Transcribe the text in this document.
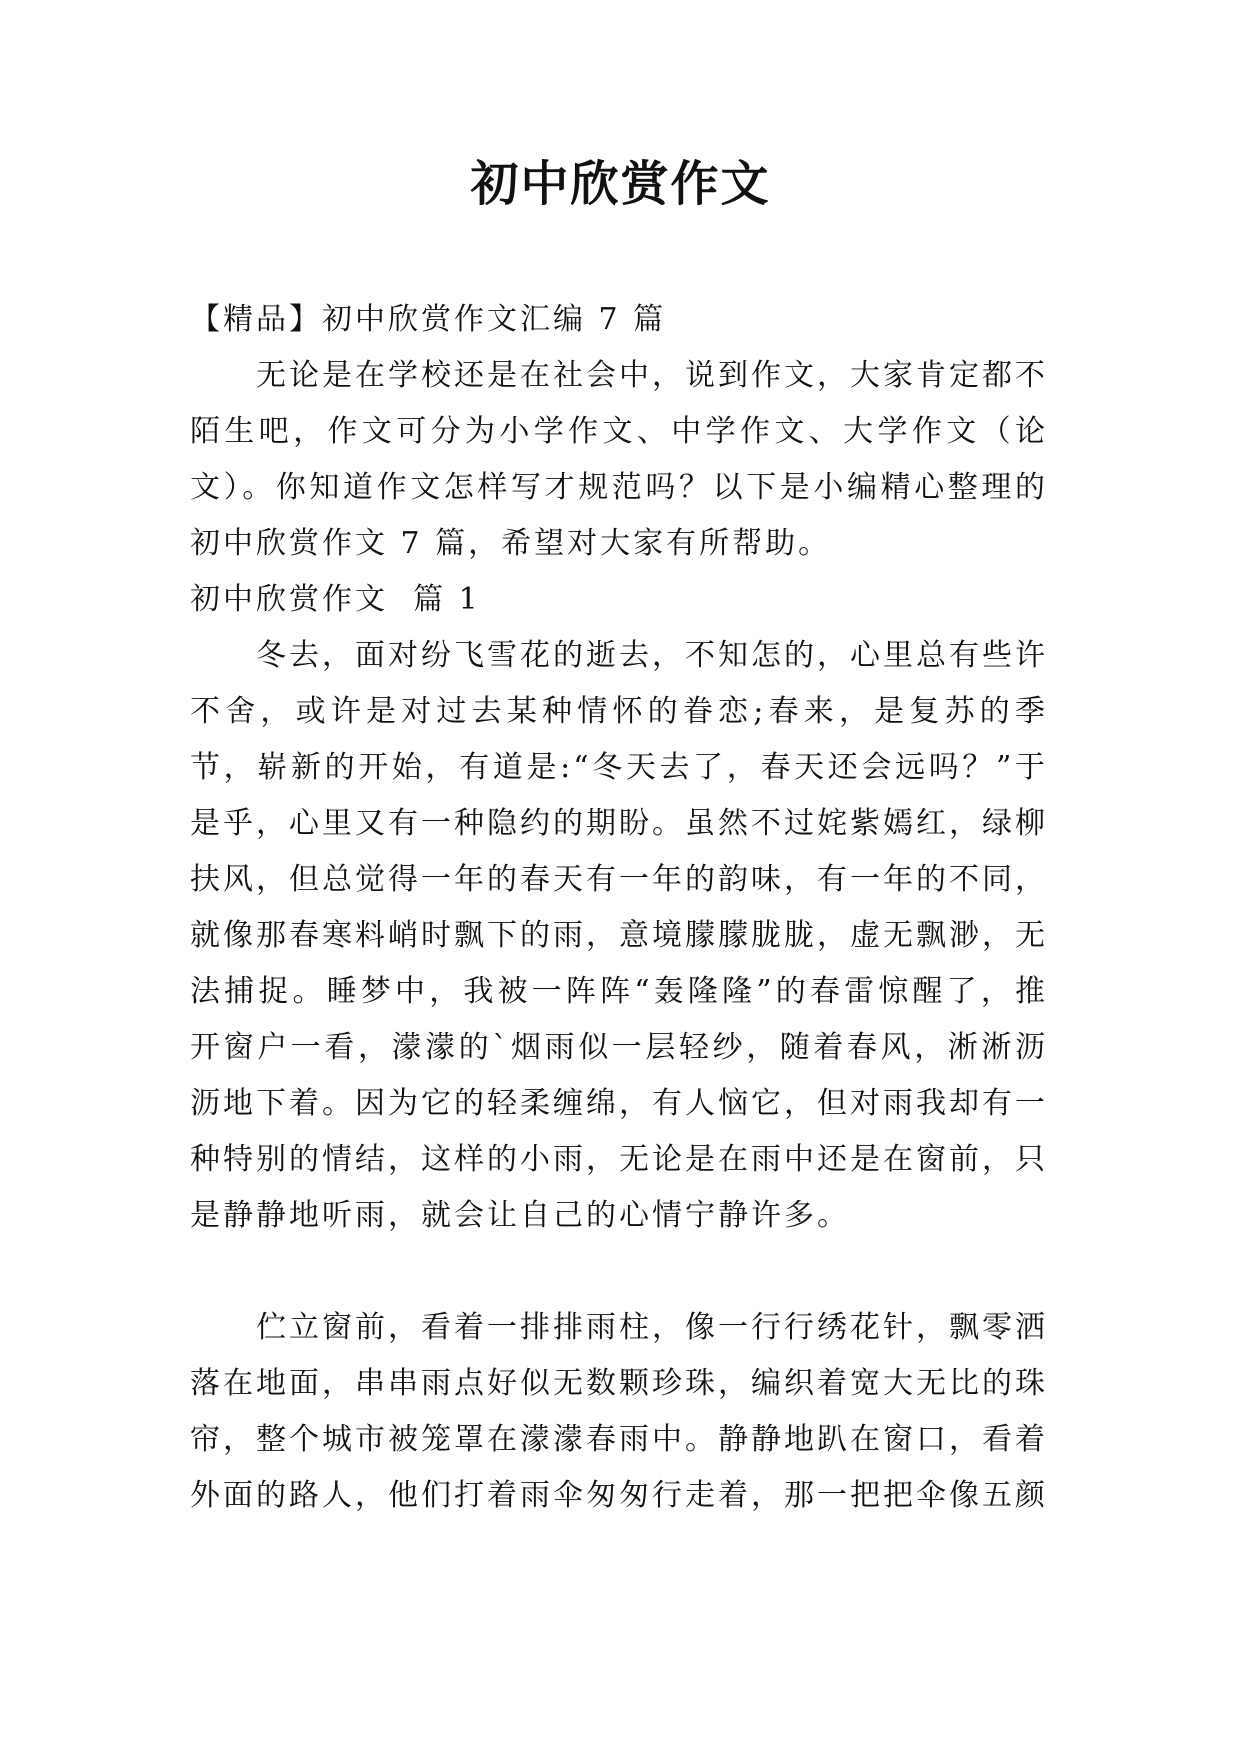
初中欣赏作文

【精品】初中欣赏作文汇编 7 篇

无论是在学校还是在社会中，说到作文，大家肯定都不陌生吧，作文可分为小学作文、中学作文、大学作文（论文）。你知道作文怎样写才规范吗？以下是小编精心整理的初中欣赏作文 7 篇，希望对大家有所帮助。

初中欣赏作文  篇 1

冬去，面对纷飞雪花的逝去，不知怎的，心里总有些许不舍，或许是对过去某种情怀的眷恋;春来，是复苏的季节，崭新的开始，有道是:“冬天去了，春天还会远吗？”于是乎，心里又有一种隐约的期盼。虽然不过姹紫嫣红，绿柳扶风，但总觉得一年的春天有一年的韵味，有一年的不同，就像那春寒料峭时飘下的雨，意境朦朦胧胧，虚无飘渺，无法捕捉。睡梦中，我被一阵阵“轰隆隆”的春雷惊醒了，推开窗户一看，濛濛的`烟雨似一层轻纱，随着春风，淅淅沥沥地下着。因为它的轻柔缠绵，有人恼它，但对雨我却有一种特别的情结，这样的小雨，无论是在雨中还是在窗前，只是静静地听雨，就会让自己的心情宁静许多。

伫立窗前，看着一排排雨柱，像一行行绣花针，飘零洒落在地面，串串雨点好似无数颗珍珠，编织着宽大无比的珠帘，整个城市被笼罩在濛濛春雨中。静静地趴在窗口，看着外面的路人，他们打着雨伞匆匆行走着，那一把把伞像五颜
